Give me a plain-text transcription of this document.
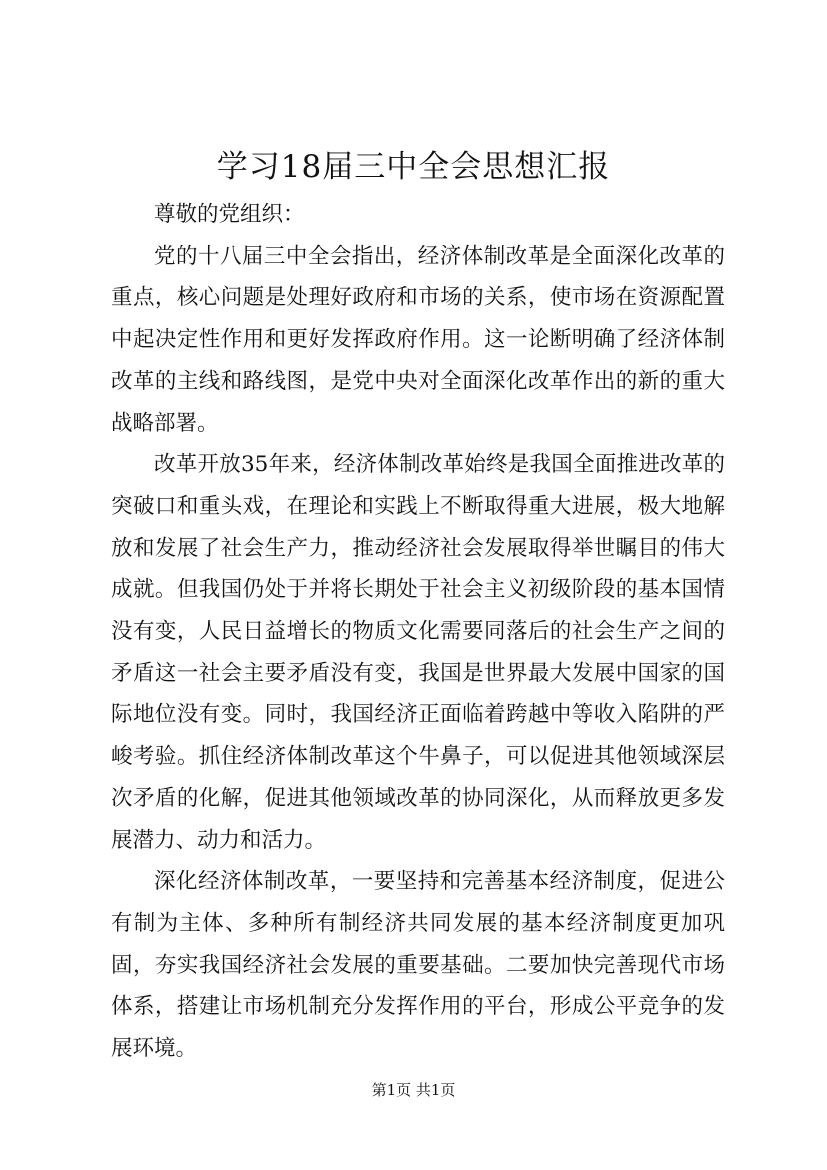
学习18届三中全会思想汇报

尊敬的党组织：

党的十八届三中全会指出，经济体制改革是全面深化改革的重点，核心问题是处理好政府和市场的关系，使市场在资源配置中起决定性作用和更好发挥政府作用。这一论断明确了经济体制改革的主线和路线图，是党中央对全面深化改革作出的新的重大战略部署。

改革开放35年来，经济体制改革始终是我国全面推进改革的突破口和重头戏，在理论和实践上不断取得重大进展，极大地解放和发展了社会生产力，推动经济社会发展取得举世瞩目的伟大成就。但我国仍处于并将长期处于社会主义初级阶段的基本国情没有变，人民日益增长的物质文化需要同落后的社会生产之间的矛盾这一社会主要矛盾没有变，我国是世界最大发展中国家的国际地位没有变。同时，我国经济正面临着跨越中等收入陷阱的严峻考验。抓住经济体制改革这个牛鼻子，可以促进其他领域深层次矛盾的化解，促进其他领域改革的协同深化，从而释放更多发展潜力、动力和活力。

深化经济体制改革，一要坚持和完善基本经济制度，促进公有制为主体、多种所有制经济共同发展的基本经济制度更加巩固，夯实我国经济社会发展的重要基础。二要加快完善现代市场体系，搭建让市场机制充分发挥作用的平台，形成公平竞争的发展环境。

第1页 共1页
